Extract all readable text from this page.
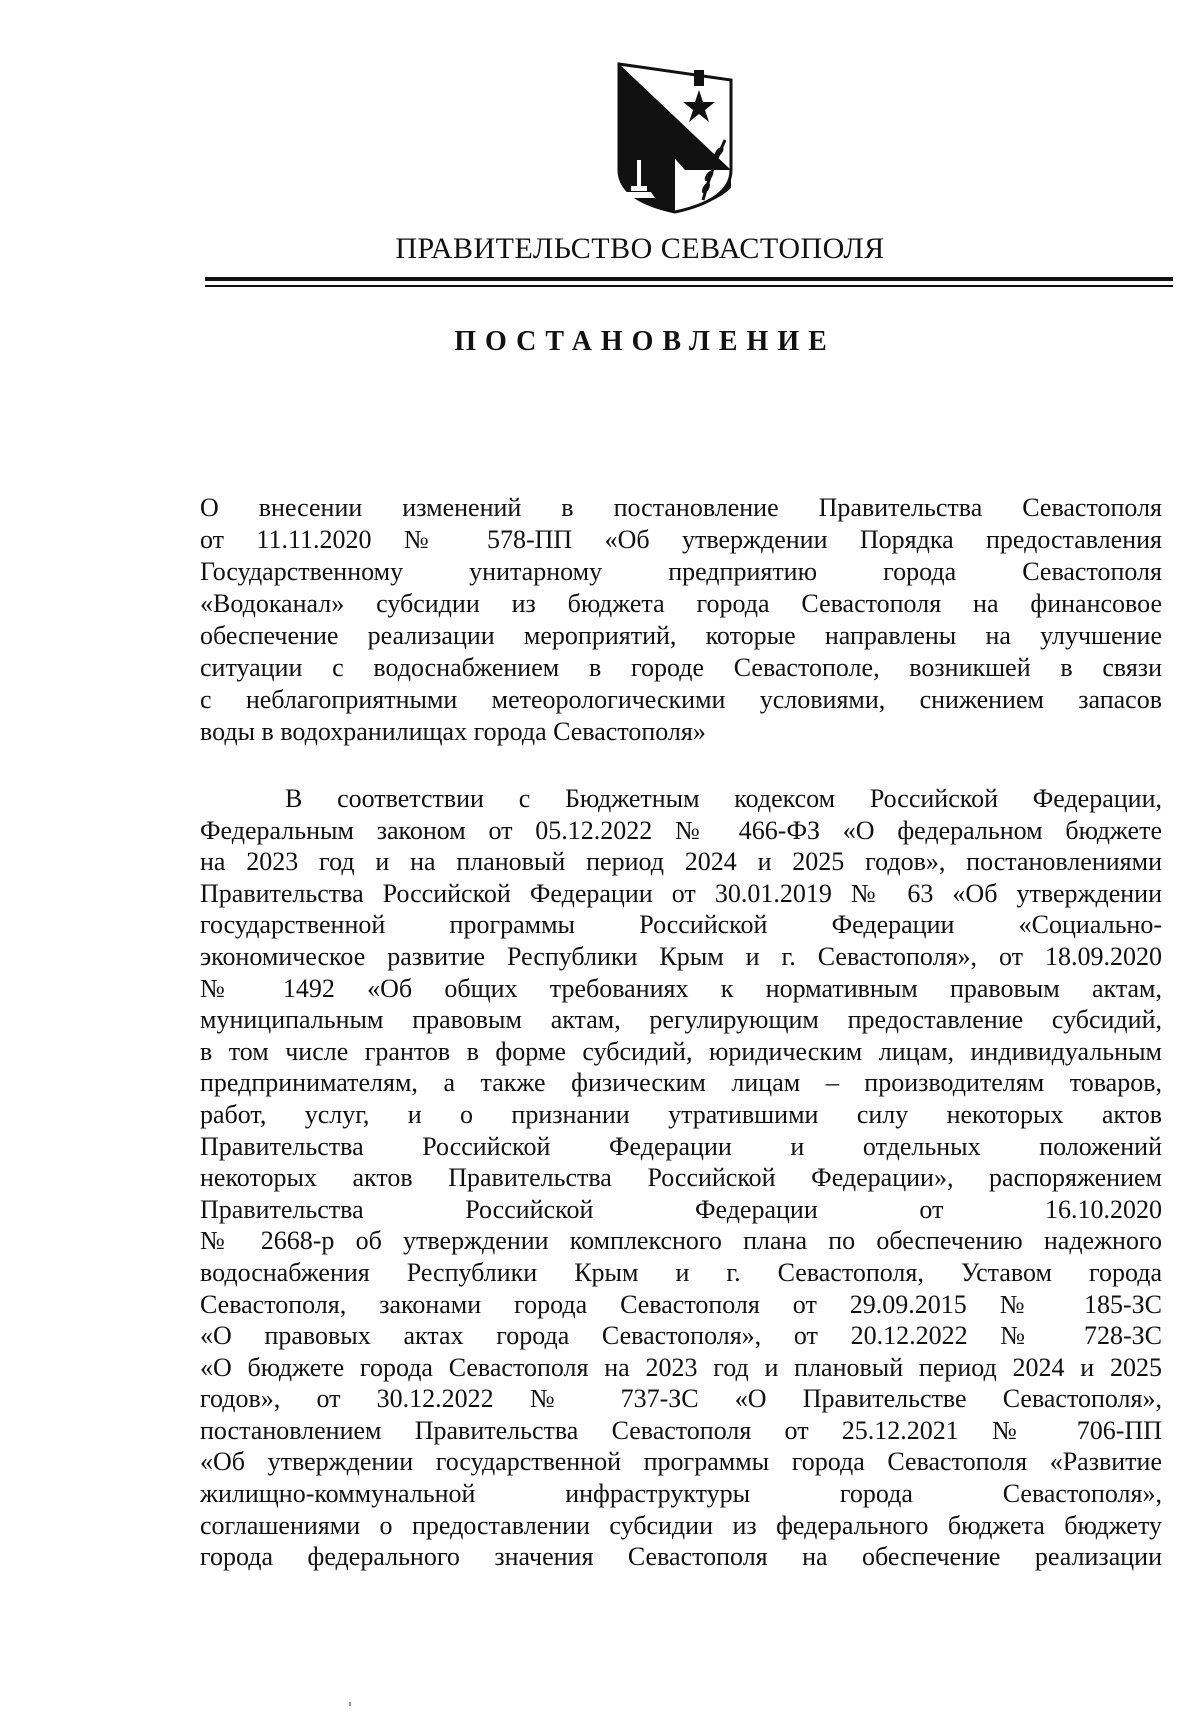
ПРАВИТЕЛЬСТВО СЕВАСТОПОЛЯ
ПОСТАНОВЛЕНИЕ
О внесении изменений в постановление Правительства Севастополя
от 11.11.2020 № 578-ПП «Об утверждении Порядка предоставления
Государственному унитарному предприятию города Севастополя
«Водоканал» субсидии из бюджета города Севастополя на финансовое
обеспечение реализации мероприятий, которые направлены на улучшение
ситуации с водоснабжением в городе Севастополе, возникшей в связи
с неблагоприятными метеорологическими условиями, снижением запасов
воды в водохранилищах города Севастополя»
В соответствии с Бюджетным кодексом Российской Федерации,
Федеральным законом от 05.12.2022 № 466-ФЗ «О федеральном бюджете
на 2023 год и на плановый период 2024 и 2025 годов», постановлениями
Правительства Российской Федерации от 30.01.2019 № 63 «Об утверждении
государственной программы Российской Федерации «Социально-
экономическое развитие Республики Крым и г. Севастополя», от 18.09.2020
№ 1492 «Об общих требованиях к нормативным правовым актам,
муниципальным правовым актам, регулирующим предоставление субсидий,
в том числе грантов в форме субсидий, юридическим лицам, индивидуальным
предпринимателям, а также физическим лицам – производителям товаров,
работ, услуг, и о признании утратившими силу некоторых актов
Правительства Российской Федерации и отдельных положений
некоторых актов Правительства Российской Федерации», распоряжением
Правительства Российской Федерации от 16.10.2020
№ 2668-р об утверждении комплексного плана по обеспечению надежного
водоснабжения Республики Крым и г. Севастополя, Уставом города
Севастополя, законами города Севастополя от 29.09.2015 № 185-ЗС
«О правовых актах города Севастополя», от 20.12.2022 № 728-ЗС
«О бюджете города Севастополя на 2023 год и плановый период 2024 и 2025
годов», от 30.12.2022 № 737-ЗС «О Правительстве Севастополя»,
постановлением Правительства Севастополя от 25.12.2021 № 706-ПП
«Об утверждении государственной программы города Севастополя «Развитие
жилищно-коммунальной инфраструктуры города Севастополя»,
соглашениями о предоставлении субсидии из федерального бюджета бюджету
города федерального значения Севастополя на обеспечение реализации
